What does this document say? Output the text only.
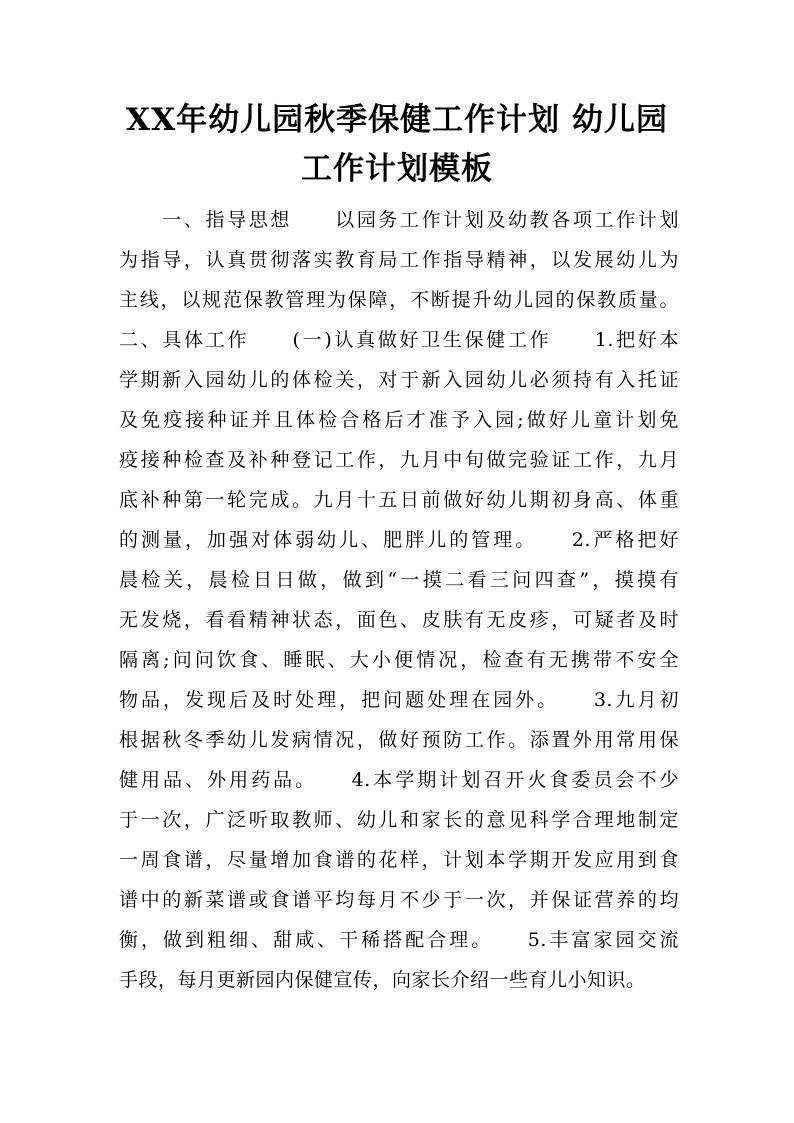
XX年幼儿园秋季保健工作计划 幼儿园
工作计划模板
　　一、指导思想　　以园务工作计划及幼教各项工作计划
为指导，认真贯彻落实教育局工作指导精神，以发展幼儿为
主线，以规范保教管理为保障，不断提升幼儿园的保教质量。
二、具体工作　　(一)认真做好卫生保健工作　　1.把好本
学期新入园幼儿的体检关，对于新入园幼儿必须持有入托证
及免疫接种证并且体检合格后才准予入园;做好儿童计划免
疫接种检查及补种登记工作，九月中旬做完验证工作，九月
底补种第一轮完成。九月十五日前做好幼儿期初身高、体重
的测量，加强对体弱幼儿、肥胖儿的管理。　　2.严格把好
晨检关，晨检日日做，做到“一摸二看三问四查”，摸摸有
无发烧，看看精神状态，面色、皮肤有无皮疹，可疑者及时
隔离;问问饮食、睡眠、大小便情况，检查有无携带不安全
物品，发现后及时处理，把问题处理在园外。　　3.九月初
根据秋冬季幼儿发病情况，做好预防工作。添置外用常用保
健用品、外用药品。　　4.本学期计划召开火食委员会不少
于一次，广泛听取教师、幼儿和家长的意见科学合理地制定
一周食谱，尽量增加食谱的花样，计划本学期开发应用到食
谱中的新菜谱或食谱平均每月不少于一次，并保证营养的均
衡，做到粗细、甜咸、干稀搭配合理。　　5.丰富家园交流
手段，每月更新园内保健宣传，向家长介绍一些育儿小知识。
